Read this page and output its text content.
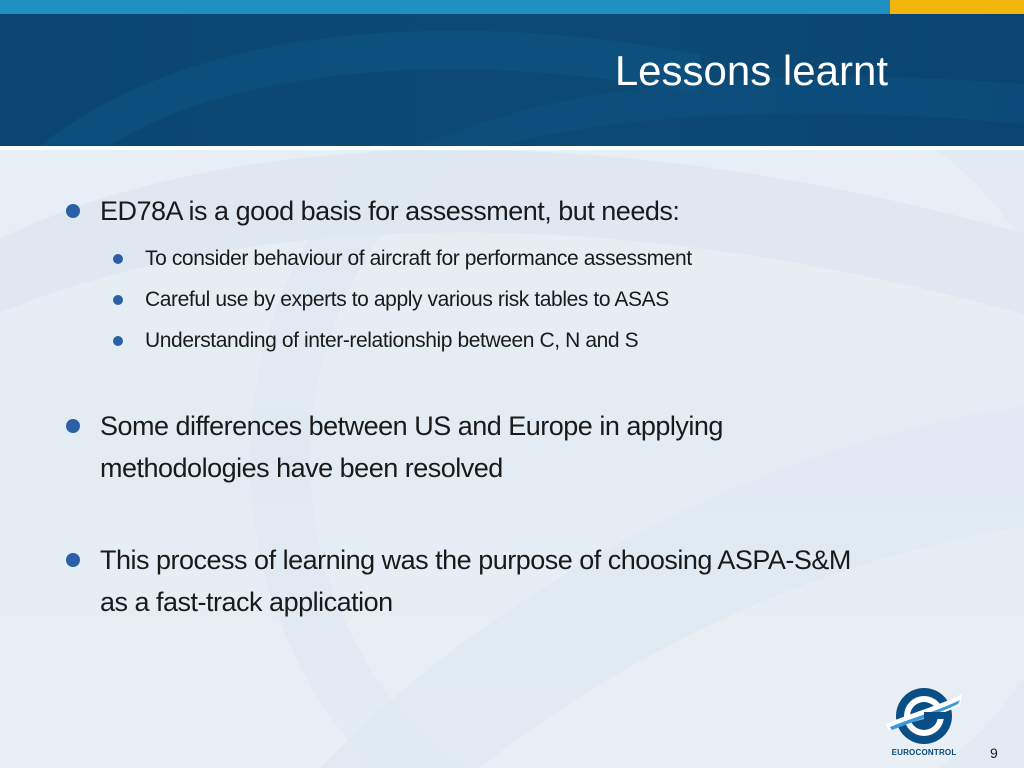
Lessons learnt
ED78A is a good basis for assessment, but needs:
To consider behaviour of aircraft for performance assessment
Careful use by experts to apply various risk tables to ASAS
Understanding of inter-relationship between C, N and S
Some differences between US and Europe in applying methodologies have been resolved
This process of learning was the purpose of choosing ASPA-S&M as a fast-track application
EUROCONTROL	9
